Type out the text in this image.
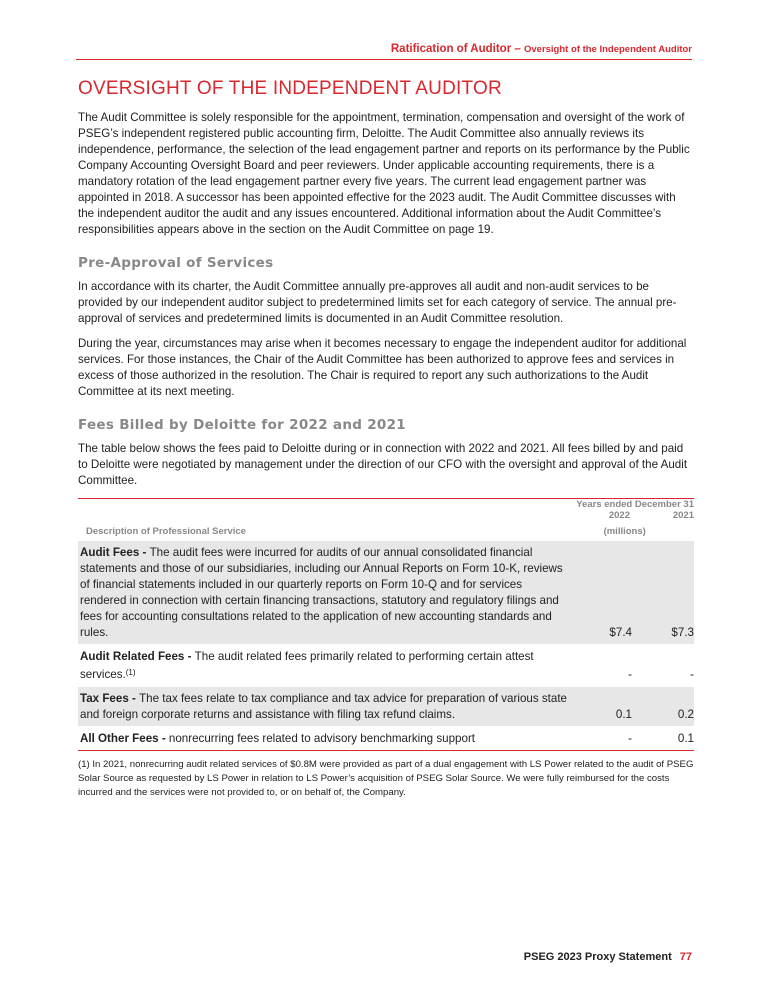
Ratification of Auditor – Oversight of the Independent Auditor
OVERSIGHT OF THE INDEPENDENT AUDITOR

The Audit Committee is solely responsible for the appointment, termination, compensation and oversight of the work of PSEG’s independent registered public accounting firm, Deloitte. The Audit Committee also annually reviews its independence, performance, the selection of the lead engagement partner and reports on its performance by the Public Company Accounting Oversight Board and peer reviewers. Under applicable accounting requirements, there is a mandatory rotation of the lead engagement partner every five years. The current lead engagement partner was appointed in 2018. A successor has been appointed effective for the 2023 audit. The Audit Committee discusses with the independent auditor the audit and any issues encountered. Additional information about the Audit Committee’s responsibilities appears above in the section on the Audit Committee on page 19.

Pre-Approval of Services

In accordance with its charter, the Audit Committee annually pre-approves all audit and non-audit services to be provided by our independent auditor subject to predetermined limits set for each category of service. The annual pre-approval of services and predetermined limits is documented in an Audit Committee resolution.

During the year, circumstances may arise when it becomes necessary to engage the independent auditor for additional services. For those instances, the Chair of the Audit Committee has been authorized to approve fees and services in excess of those authorized in the resolution. The Chair is required to report any such authorizations to the Audit Committee at its next meeting.

Fees Billed by Deloitte for 2022 and 2021

The table below shows the fees paid to Deloitte during or in connection with 2022 and 2021. All fees billed by and paid to Deloitte were negotiated by management under the direction of our CFO with the oversight and approval of the Audit Committee.

Years ended December 31
2022	2021
Description of Professional Service	(millions)
Audit Fees - The audit fees were incurred for audits of our annual consolidated financial statements and those of our subsidiaries, including our Annual Reports on Form 10-K, reviews of financial statements included in our quarterly reports on Form 10-Q and for services rendered in connection with certain financing transactions, statutory and regulatory filings and fees for accounting consultations related to the application of new accounting standards and rules.	$7.4	$7.3
Audit Related Fees - The audit related fees primarily related to performing certain attest services.$^{(1)}$	-	-
Tax Fees - The tax fees relate to tax compliance and tax advice for preparation of various state and foreign corporate returns and assistance with filing tax refund claims.	0.1	0.2
All Other Fees - nonrecurring fees related to advisory benchmarking support	-	0.1
(1) In 2021, nonrecurring audit related services of $0.8M were provided as part of a dual engagement with LS Power related to the audit of PSEG Solar Source as requested by LS Power in relation to LS Power’s acquisition of PSEG Solar Source. We were fully reimbursed for the costs incurred and the services were not provided to, or on behalf of, the Company.
PSEG 2023 Proxy Statement 77
